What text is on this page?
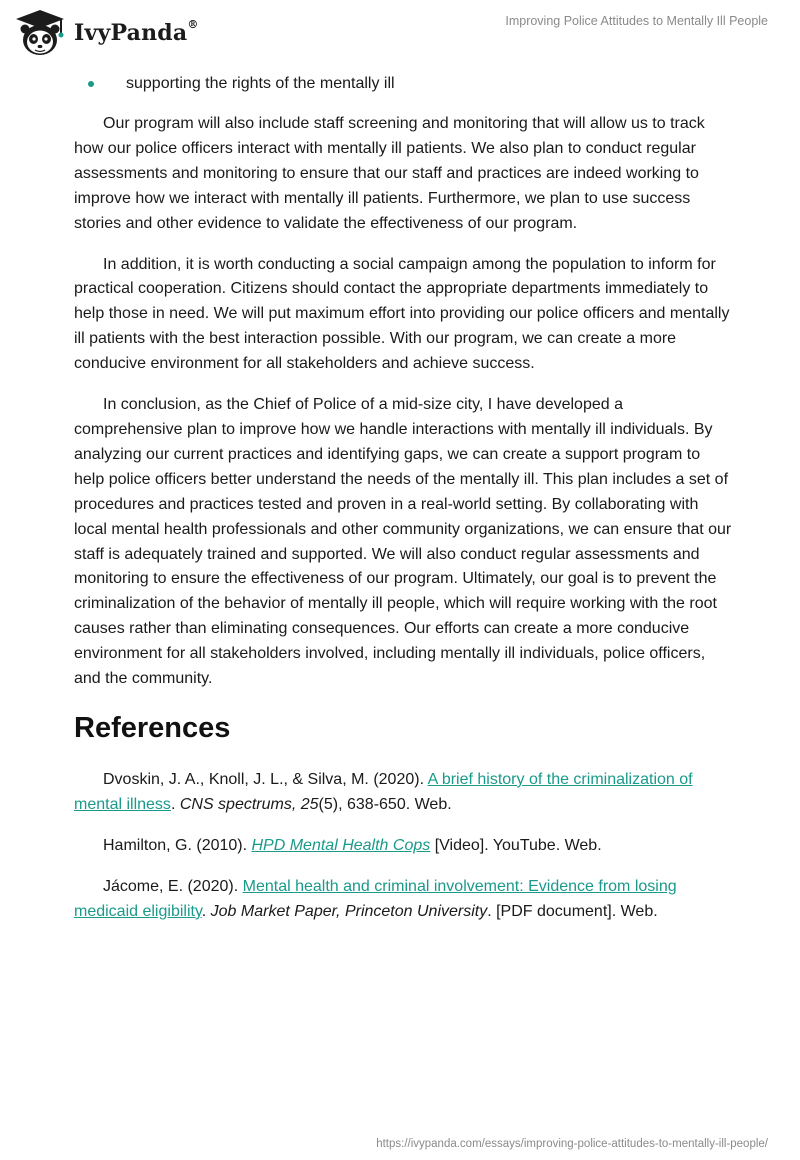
IvyPanda®	Improving Police Attitudes to Mentally Ill People
supporting the rights of the mentally ill

Our program will also include staff screening and monitoring that will allow us to track how our police officers interact with mentally ill patients. We also plan to conduct regular assessments and monitoring to ensure that our staff and practices are indeed working to improve how we interact with mentally ill patients. Furthermore, we plan to use success stories and other evidence to validate the effectiveness of our program.

In addition, it is worth conducting a social campaign among the population to inform for practical cooperation. Citizens should contact the appropriate departments immediately to help those in need. We will put maximum effort into providing our police officers and mentally ill patients with the best interaction possible. With our program, we can create a more conducive environment for all stakeholders and achieve success.

In conclusion, as the Chief of Police of a mid-size city, I have developed a comprehensive plan to improve how we handle interactions with mentally ill individuals. By analyzing our current practices and identifying gaps, we can create a support program to help police officers better understand the needs of the mentally ill. This plan includes a set of procedures and practices tested and proven in a real-world setting. By collaborating with local mental health professionals and other community organizations, we can ensure that our staff is adequately trained and supported. We will also conduct regular assessments and monitoring to ensure the effectiveness of our program. Ultimately, our goal is to prevent the criminalization of the behavior of mentally ill people, which will require working with the root causes rather than eliminating consequences. Our efforts can create a more conducive environment for all stakeholders involved, including mentally ill individuals, police officers, and the community.

References

Dvoskin, J. A., Knoll, J. L., & Silva, M. (2020). A brief history of the criminalization of mental illness. CNS spectrums, 25(5), 638-650. Web.

Hamilton, G. (2010). HPD Mental Health Cops [Video]. YouTube. Web.

Jácome, E. (2020). Mental health and criminal involvement: Evidence from losing medicaid eligibility. Job Market Paper, Princeton University. [PDF document]. Web.

https://ivypanda.com/essays/improving-police-attitudes-to-mentally-ill-people/
